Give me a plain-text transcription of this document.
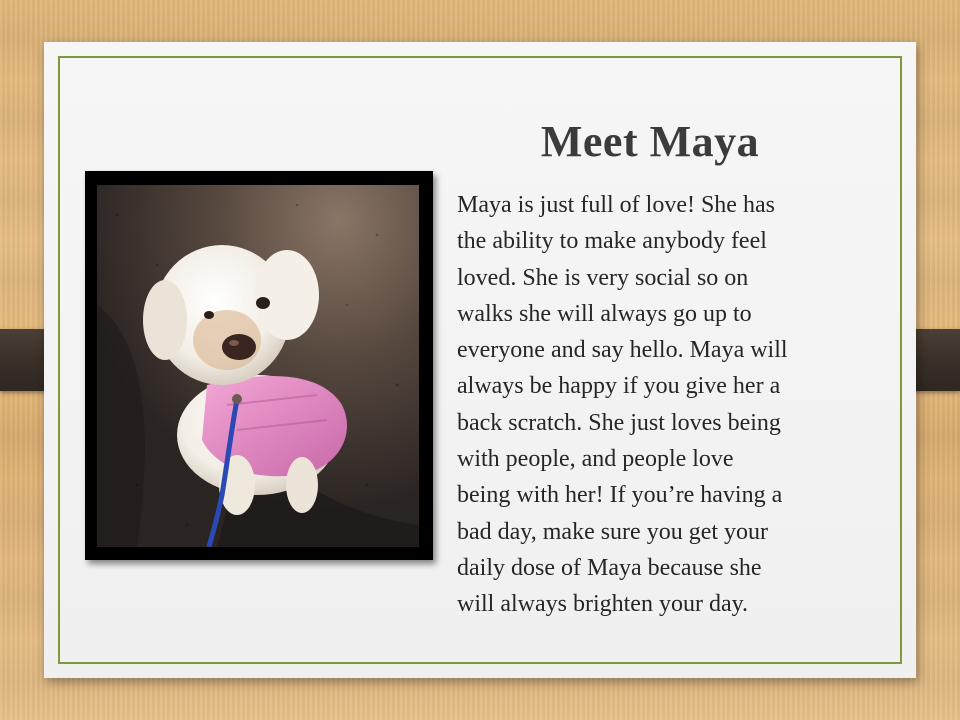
Meet Maya
Maya is just full of love! She has
the ability to make anybody feel
loved. She is very social so on
walks she will always go up to
everyone and say hello. Maya will
always be happy if you give her a
back scratch. She just loves being
with people, and people love
being with her! If you’re having a
bad day, make sure you get your
daily dose of Maya because she
will always brighten your day.
